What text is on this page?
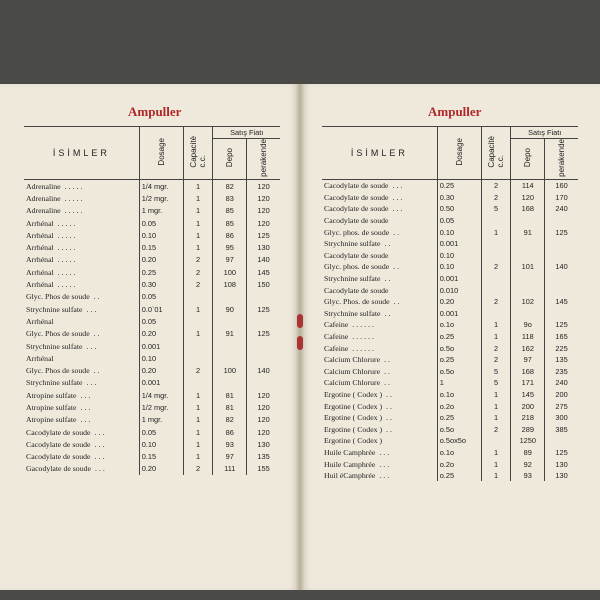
Ampuller	Ampuller
İSİMLER	Dosage	Capacitèc.c.	Satış Fiatı	
			Depo	perakende
Adrenaline .....	1/4 mgr.	1	82	120
Adrenaline .....	1/2 mgr.	1	83	120
Adrenaline .....	1 mgr.	1	85	120
Arrhénal .....	0.05	1	85	120
Arrhénal .....	0.10	1	86	125
Arrhénal .....	0.15	1	95	130
Arrhénal .....	0.20	2	97	140
Arrhénal .....	0.25	2	100	145
Arrhénal .....	0.30	2	108	150
Glyc. Phos de soude ..	0.05			
Strychnine sulfate ...	0.0`01	1	90	125
Arrhénal	0.05			
Glyc. Phos de soude ..	0.20	1	91	125
Strychnine sulfate ...	0.001			
Arrhénal	0.10			
Glyc. Phos de soude ..	0.20	2	100	140
Strychnine sulfate ...	0.001			
Atropine sulfate ...	1/4 mgr.	1	81	120
Atropine sulfate ...	1/2 mgr.	1	81	120
Atropine sulfate ...	1 mgr.	1	82	120
Cacodylate de soude ...	0.05	1	86	120
Cacodylate de soude ...	0.10	1	93	130
Cacodylate de soude ...	0.15	1	97	135
Gacodylate de soude ...	0.20	2	111	155
İSİMLER	Dosage	Capacitèc.c.	Satış Fiatı	
			Depo	perakende
Cacodylate de soude ...	0.25	2	114	160
Cacodylate de soude ...	0.30	2	120	170
Cacodylate de soude ...	0.50	5	168	240
Cacodylate de soude	0.05			
Glyc. phos. de soude ..	0.10	1	91	125
Strychnine sulfate ..	0.001			
Cacodylate de soude	0.10			
Glyc. phos. de soude ..	0.10	2	101	140
Strychnine sulfate ..	0.001			
Cacodylate de soude	0.010			
Glyc. Phos. de soude ..	0.20	2	102	145
Strychnine sulfate ..	0.001			
Cafeine ......	o.1o	1	9o	125
Cafeine ......	o.25	1	118	165
Cafeine ......	o.5o	2	162	225
Calcium Chlorure ..	o.25	2	97	135
Calcium Chlorure ..	o.5o	5	168	235
Calcium Chlorure ..	1	5	171	240
Ergotine ( Codex ) ..	o.1o	1	145	200
Ergotine ( Codex ) ..	o.2o	1	200	275
Ergotine ( Codex ) ..	o.25	1	218	300
Ergotine ( Codex ) ..	o.5o	2	289	385
Ergotine ( Codex )	o.5ox5o		1250	
Huile Camphrée ...	o.1o	1	89	125
Huile Camphrée ...	o.2o	1	92	130
Huil éCamphrée ...	o.25	1	93	130
